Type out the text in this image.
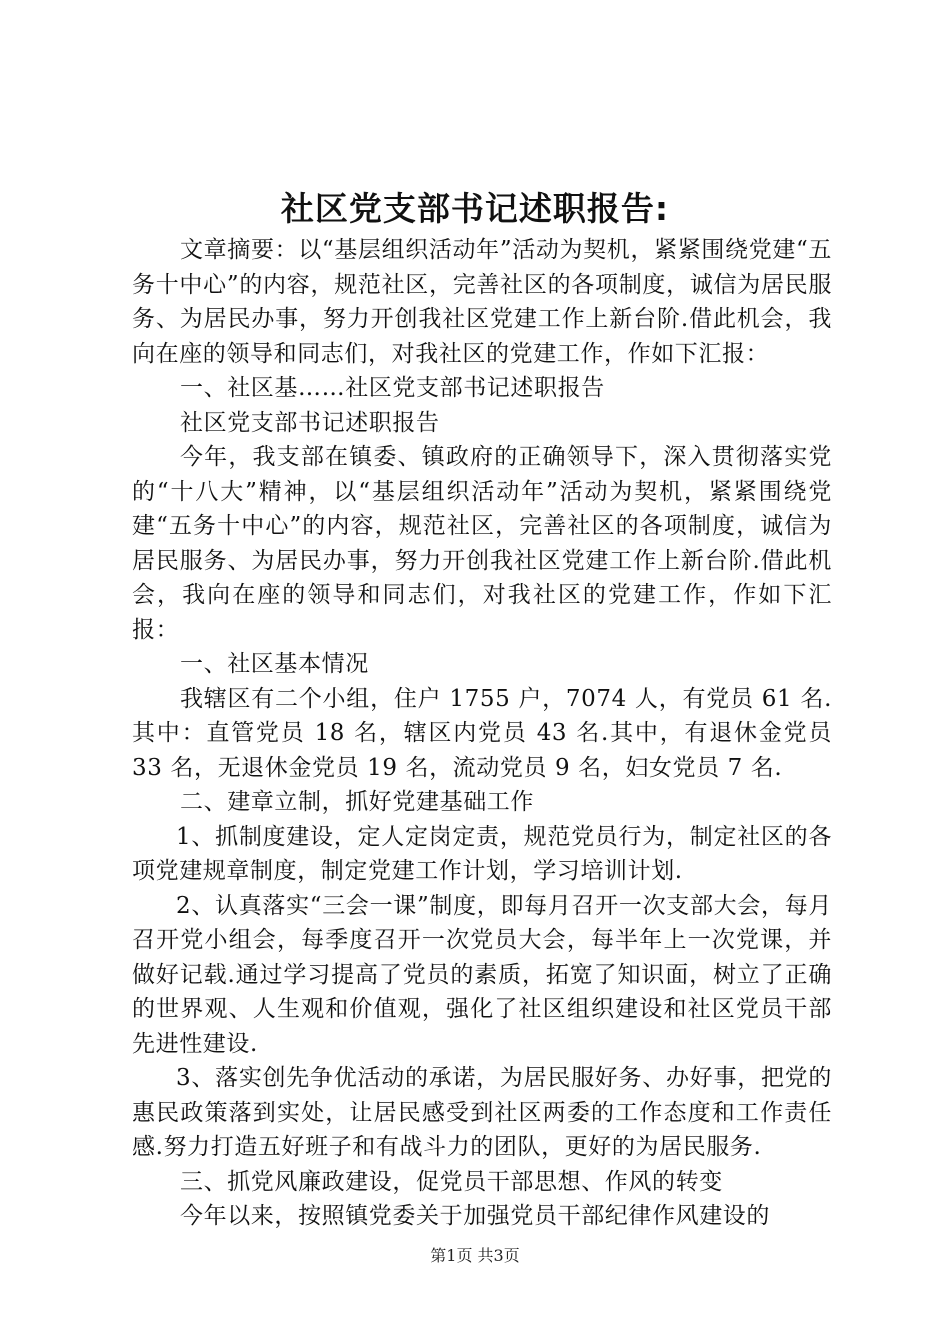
社区党支部书记述职报告:

文章摘要：以“基层组织活动年”活动为契机，紧紧围绕党建“五务十中心”的内容，规范社区，完善社区的各项制度，诚信为居民服务、为居民办事，努力开创我社区党建工作上新台阶.借此机会，我向在座的领导和同志们，对我社区的党建工作，作如下汇报：

一、社区基……社区党支部书记述职报告

社区党支部书记述职报告

今年，我支部在镇委、镇政府的正确领导下，深入贯彻落实党的“十八大”精神，以“基层组织活动年”活动为契机，紧紧围绕党建“五务十中心”的内容，规范社区，完善社区的各项制度，诚信为居民服务、为居民办事，努力开创我社区党建工作上新台阶.借此机会，我向在座的领导和同志们，对我社区的党建工作，作如下汇报：

一、社区基本情况

我辖区有二个小组，住户 1755 户，7074 人，有党员 61 名.其中：直管党员 18 名，辖区内党员 43 名.其中，有退休金党员 33 名，无退休金党员 19 名，流动党员 9 名，妇女党员 7 名.

二、建章立制，抓好党建基础工作

1、抓制度建设，定人定岗定责，规范党员行为，制定社区的各项党建规章制度，制定党建工作计划，学习培训计划.

2、认真落实“三会一课”制度，即每月召开一次支部大会，每月召开党小组会，每季度召开一次党员大会，每半年上一次党课，并做好记载.通过学习提高了党员的素质，拓宽了知识面，树立了正确的世界观、人生观和价值观，强化了社区组织建设和社区党员干部先进性建设.

3、落实创先争优活动的承诺，为居民服好务、办好事，把党的惠民政策落到实处，让居民感受到社区两委的工作态度和工作责任感.努力打造五好班子和有战斗力的团队，更好的为居民服务.

三、抓党风廉政建设，促党员干部思想、作风的转变

今年以来，按照镇党委关于加强党员干部纪律作风建设的

第1页 共3页
